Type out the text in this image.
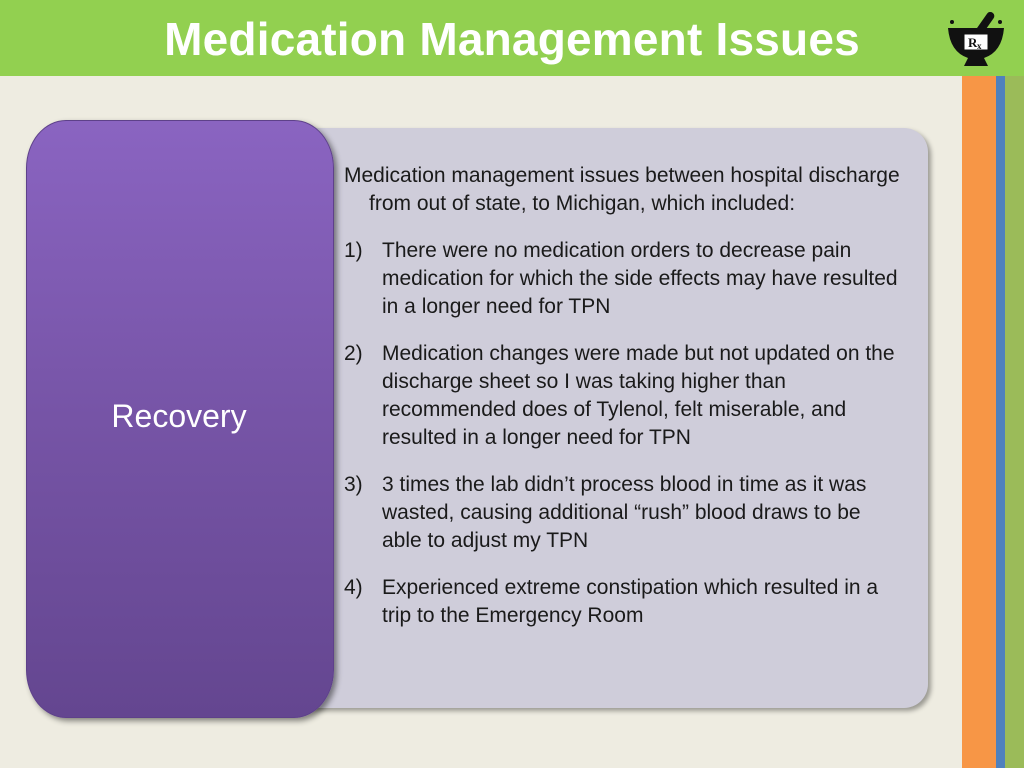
Medication Management Issues	R x
Recovery

Medication management issues between hospital discharge from out of state, to Michigan, which included:

1) There were no medication orders to decrease pain medication for which the side effects may have resulted in a longer need for TPN
2) Medication changes were made but not updated on the discharge sheet so I was taking higher than recommended does of Tylenol, felt miserable, and resulted in a longer need for TPN
3) 3 times the lab didn’t process blood in time as it was wasted, causing additional “rush” blood draws to be able to adjust my TPN
4) Experienced extreme constipation which resulted in a trip to the Emergency Room
